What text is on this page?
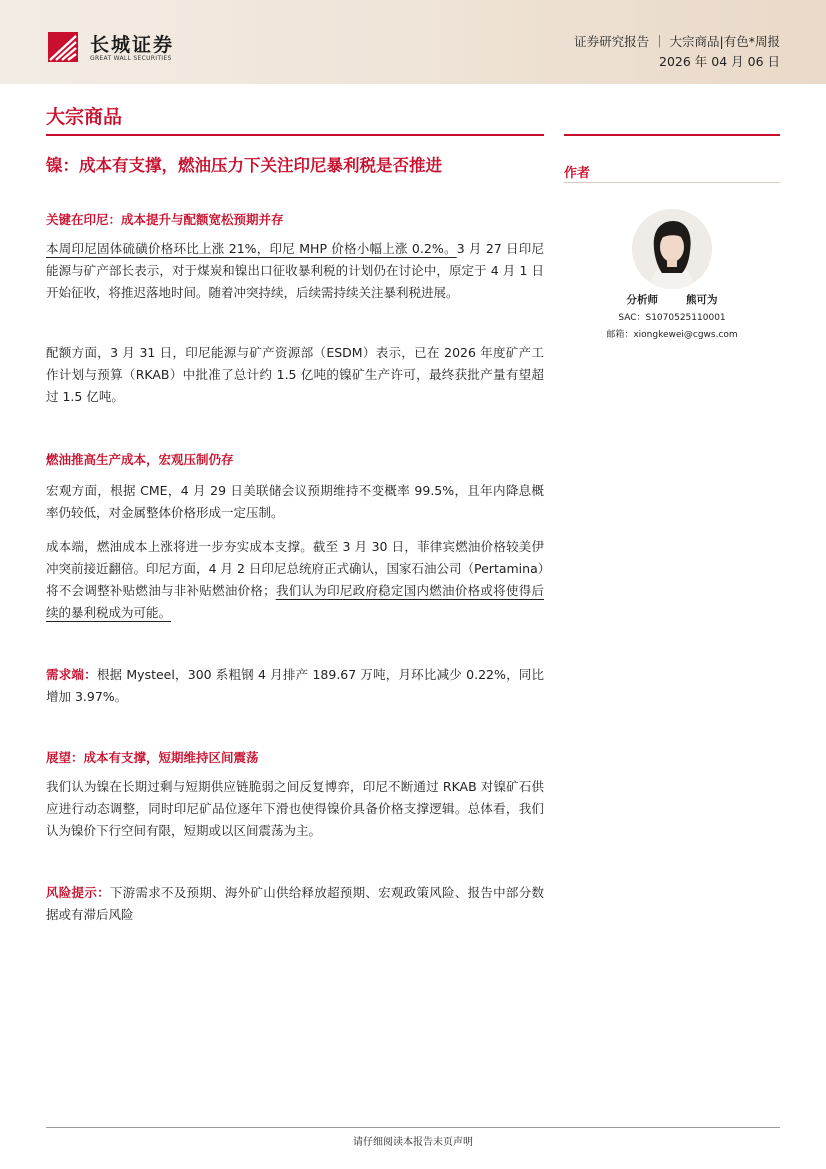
长城证券
GREAT WALL SECURITIES
证券研究报告 ｜ 大宗商品|有色*周报
2026 年 04 月 06 日
大宗商品
镍：成本有支撑，燃油压力下关注印尼暴利税是否推进	作者
分析师	熊可为
SAC：S1070525110001
邮箱：xiongkewei@cgws.com
关键在印尼：成本提升与配额宽松预期并存
本周印尼固体硫磺价格环比上涨 21%，印尼 MHP 价格小幅上涨 0.2%。3 月 27 日印尼能源与矿产部长表示，对于煤炭和镍出口征收暴利税的计划仍在讨论中，原定于 4 月 1 日开始征收，将推迟落地时间。随着冲突持续，后续需持续关注暴利税进展。
配额方面，3 月 31 日，印尼能源与矿产资源部（ESDM）表示，已在 2026 年度矿产工作计划与预算（RKAB）中批准了总计约 1.5 亿吨的镍矿生产许可，最终获批产量有望超过 1.5 亿吨。
燃油推高生产成本，宏观压制仍存
宏观方面，根据 CME，4 月 29 日美联储会议预期维持不变概率 99.5%，且年内降息概率仍较低，对金属整体价格形成一定压制。
成本端，燃油成本上涨将进一步夯实成本支撑。截至 3 月 30 日，菲律宾燃油价格较美伊冲突前接近翻倍。印尼方面，4 月 2 日印尼总统府正式确认，国家石油公司（Pertamina）将不会调整补贴燃油与非补贴燃油价格；我们认为印尼政府稳定国内燃油价格或将使得后续的暴利税成为可能。
需求端：根据 Mysteel，300 系粗钢 4 月排产 189.67 万吨，月环比减少 0.22%，同比增加 3.97%。
展望：成本有支撑，短期维持区间震荡
我们认为镍在长期过剩与短期供应链脆弱之间反复博弈，印尼不断通过 RKAB 对镍矿石供应进行动态调整，同时印尼矿品位逐年下滑也使得镍价具备价格支撑逻辑。总体看，我们认为镍价下行空间有限，短期或以区间震荡为主。
风险提示：下游需求不及预期、海外矿山供给释放超预期、宏观政策风险、报告中部分数据或有滞后风险
请仔细阅读本报告末页声明
